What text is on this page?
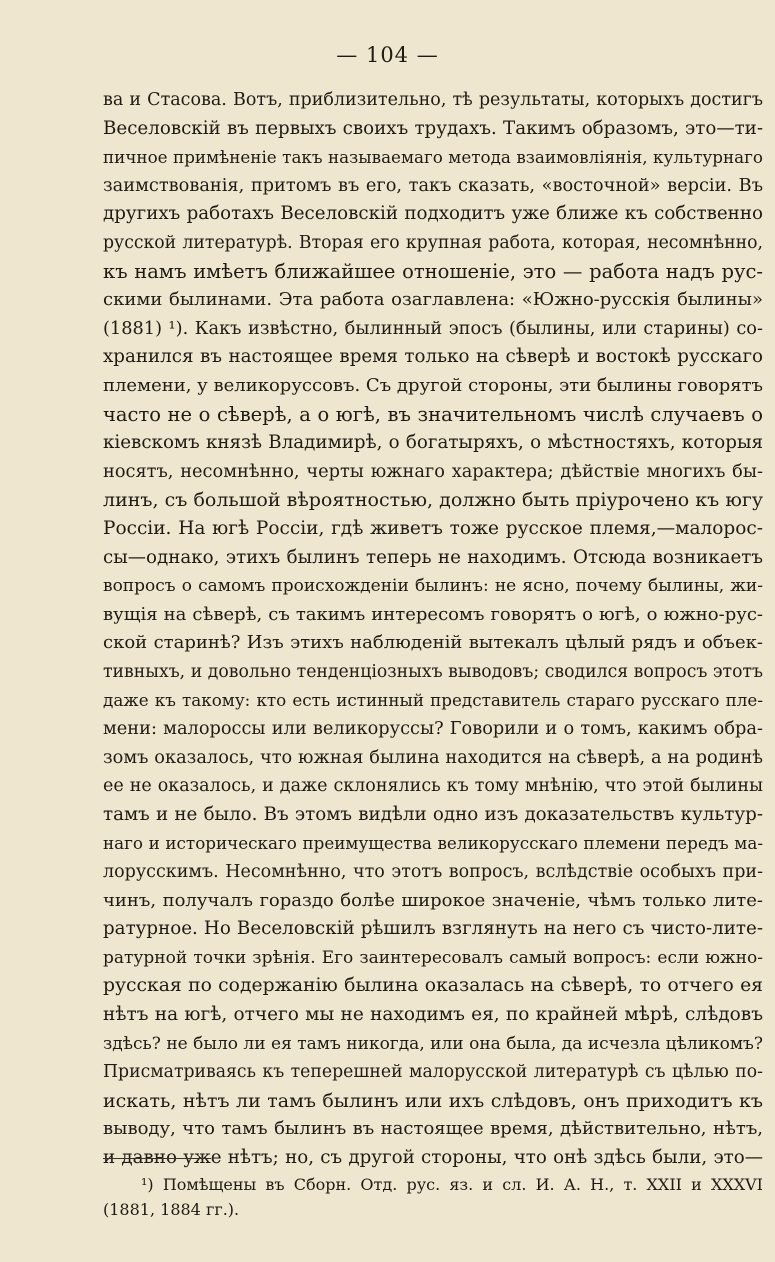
— 104 —
ва и Стасова. Вотъ, приблизительно, тѣ результаты, которыхъ достигъ
Веселовскій въ первыхъ своихъ трудахъ. Такимъ образомъ, это—ти-
пичное примѣненіе такъ называемаго метода взаимовліянія, культурнаго
заимствованія, притомъ въ его, такъ сказать, «восточной» версіи. Въ
другихъ работахъ Веселовскій подходитъ уже ближе къ собственно
русской литературѣ. Вторая его крупная работа, которая, несомнѣнно,
къ намъ имѣетъ ближайшее отношеніе, это — работа надъ рус-
скими былинами. Эта работа озаглавлена: «Южно-русскія былины»
(1881) ¹). Какъ извѣстно, былинный эпосъ (былины, или старины) со-
хранился въ настоящее время только на сѣверѣ и востокѣ русскаго
племени, у великоруссовъ. Съ другой стороны, эти былины говорятъ
часто не о сѣверѣ, а о югѣ, въ значительномъ числѣ случаевъ о
кіевскомъ князѣ Владимирѣ, о богатыряхъ, о мѣстностяхъ, которыя
носятъ, несомнѣнно, черты южнаго характера; дѣйствіе многихъ бы-
линъ, съ большой вѣроятностью, должно быть пріурочено къ югу
Россіи. На югѣ Россіи, гдѣ живетъ тоже русское племя,—малорос-
сы—однако, этихъ былинъ теперь не находимъ. Отсюда возникаетъ
вопросъ о самомъ происхожденіи былинъ: не ясно, почему былины, жи-
вущія на сѣверѣ, съ такимъ интересомъ говорятъ о югѣ, о южно-рус-
ской старинѣ? Изъ этихъ наблюденій вытекалъ цѣлый рядъ и объек-
тивныхъ, и довольно тенденціозныхъ выводовъ; сводился вопросъ этотъ
даже къ такому: кто есть истинный представитель стараго русскаго пле-
мени: малороссы или великоруссы? Говорили и о томъ, какимъ обра-
зомъ оказалось, что южная былина находится на сѣверѣ, а на родинѣ
ее не оказалось, и даже склонялись къ тому мнѣнію, что этой былины
тамъ и не было. Въ этомъ видѣли одно изъ доказательствъ культур-
наго и историческаго преимущества великорусскаго племени передъ ма-
лорусскимъ. Несомнѣнно, что этотъ вопросъ, вслѣдствіе особыхъ при-
чинъ, получалъ гораздо болѣе широкое значеніе, чѣмъ только лите-
ратурное. Но Веселовскій рѣшилъ взглянуть на него съ чисто-лите-
ратурной точки зрѣнія. Его заинтересовалъ самый вопросъ: если южно-
русская по содержанію былина оказалась на сѣверѣ, то отчего ея
нѣтъ на югѣ, отчего мы не находимъ ея, по крайней мѣрѣ, слѣдовъ
здѣсь? не было ли ея тамъ никогда, или она была, да исчезла цѣликомъ?
Присматриваясь къ теперешней малорусской литературѣ съ цѣлью по-
искать, нѣтъ ли тамъ былинъ или ихъ слѣдовъ, онъ приходитъ къ
выводу, что тамъ былинъ въ настоящее время, дѣйствительно, нѣтъ,
и давно уже нѣтъ; но, съ другой стороны, что онѣ здѣсь были, это—
¹) Помѣщены въ Сборн. Отд. рус. яз. и сл. И. А. Н., т. XXII и XXXVI
(1881, 1884 гг.).
